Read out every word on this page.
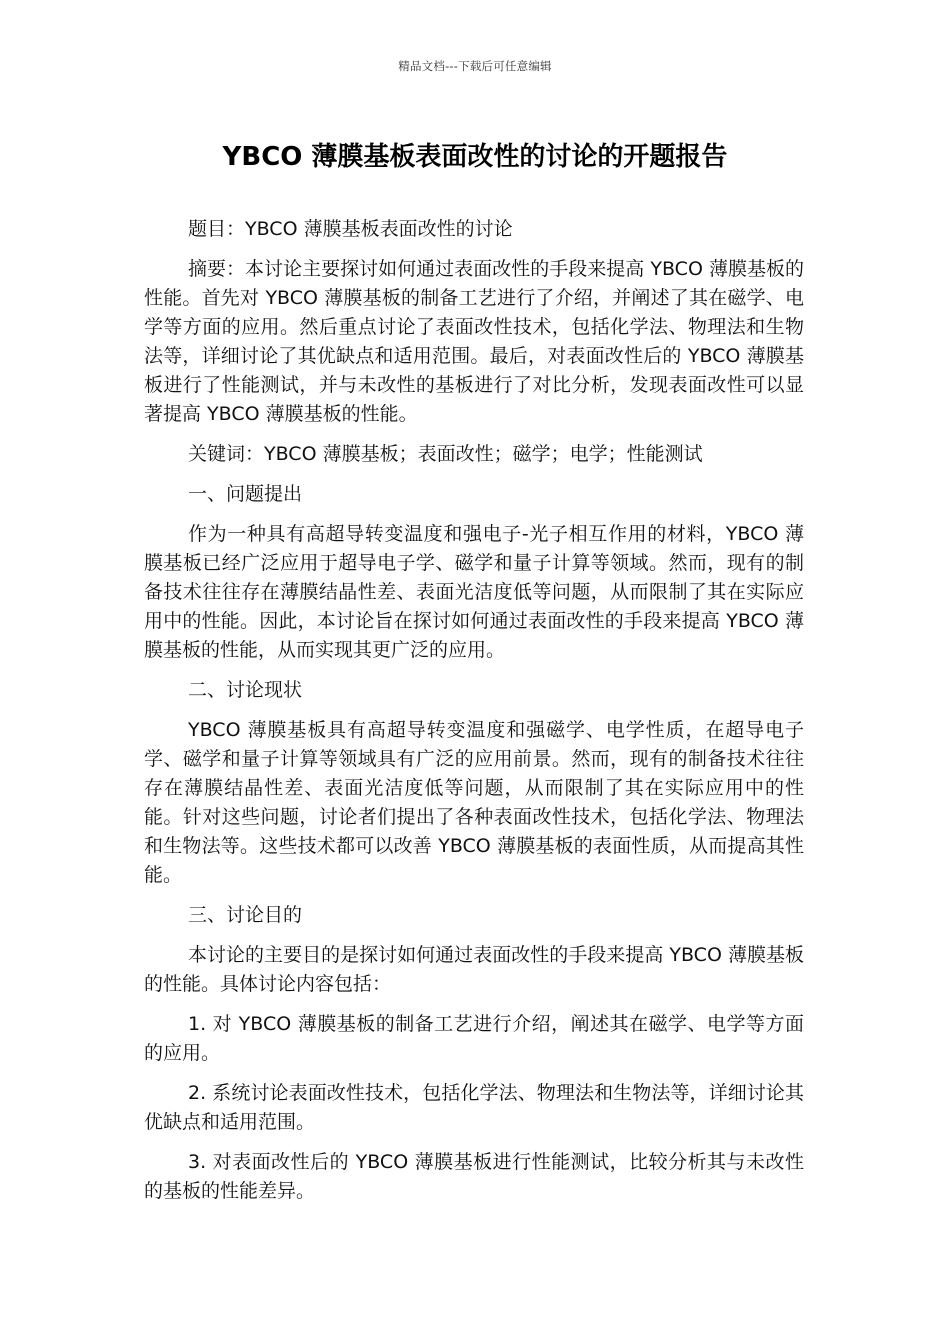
精品文档---下载后可任意编辑
YBCO 薄膜基板表面改性的讨论的开题报告

题目：YBCO 薄膜基板表面改性的讨论

摘要：本讨论主要探讨如何通过表面改性的手段来提高 YBCO 薄膜基板的性能。首先对 YBCO 薄膜基板的制备工艺进行了介绍，并阐述了其在磁学、电学等方面的应用。然后重点讨论了表面改性技术，包括化学法、物理法和生物法等，详细讨论了其优缺点和适用范围。最后，对表面改性后的 YBCO 薄膜基板进行了性能测试，并与未改性的基板进行了对比分析，发现表面改性可以显著提高 YBCO 薄膜基板的性能。

关键词：YBCO 薄膜基板；表面改性；磁学；电学；性能测试

一、问题提出

作为一种具有高超导转变温度和强电子-光子相互作用的材料，YBCO 薄膜基板已经广泛应用于超导电子学、磁学和量子计算等领域。然而，现有的制备技术往往存在薄膜结晶性差、表面光洁度低等问题，从而限制了其在实际应用中的性能。因此，本讨论旨在探讨如何通过表面改性的手段来提高 YBCO 薄膜基板的性能，从而实现其更广泛的应用。

二、讨论现状

YBCO 薄膜基板具有高超导转变温度和强磁学、电学性质，在超导电子学、磁学和量子计算等领域具有广泛的应用前景。然而，现有的制备技术往往存在薄膜结晶性差、表面光洁度低等问题，从而限制了其在实际应用中的性能。针对这些问题，讨论者们提出了各种表面改性技术，包括化学法、物理法和生物法等。这些技术都可以改善 YBCO 薄膜基板的表面性质，从而提高其性能。

三、讨论目的

本讨论的主要目的是探讨如何通过表面改性的手段来提高 YBCO 薄膜基板的性能。具体讨论内容包括：

1. 对 YBCO 薄膜基板的制备工艺进行介绍，阐述其在磁学、电学等方面的应用。

2. 系统讨论表面改性技术，包括化学法、物理法和生物法等，详细讨论其优缺点和适用范围。

3. 对表面改性后的 YBCO 薄膜基板进行性能测试，比较分析其与未改性的基板的性能差异。
